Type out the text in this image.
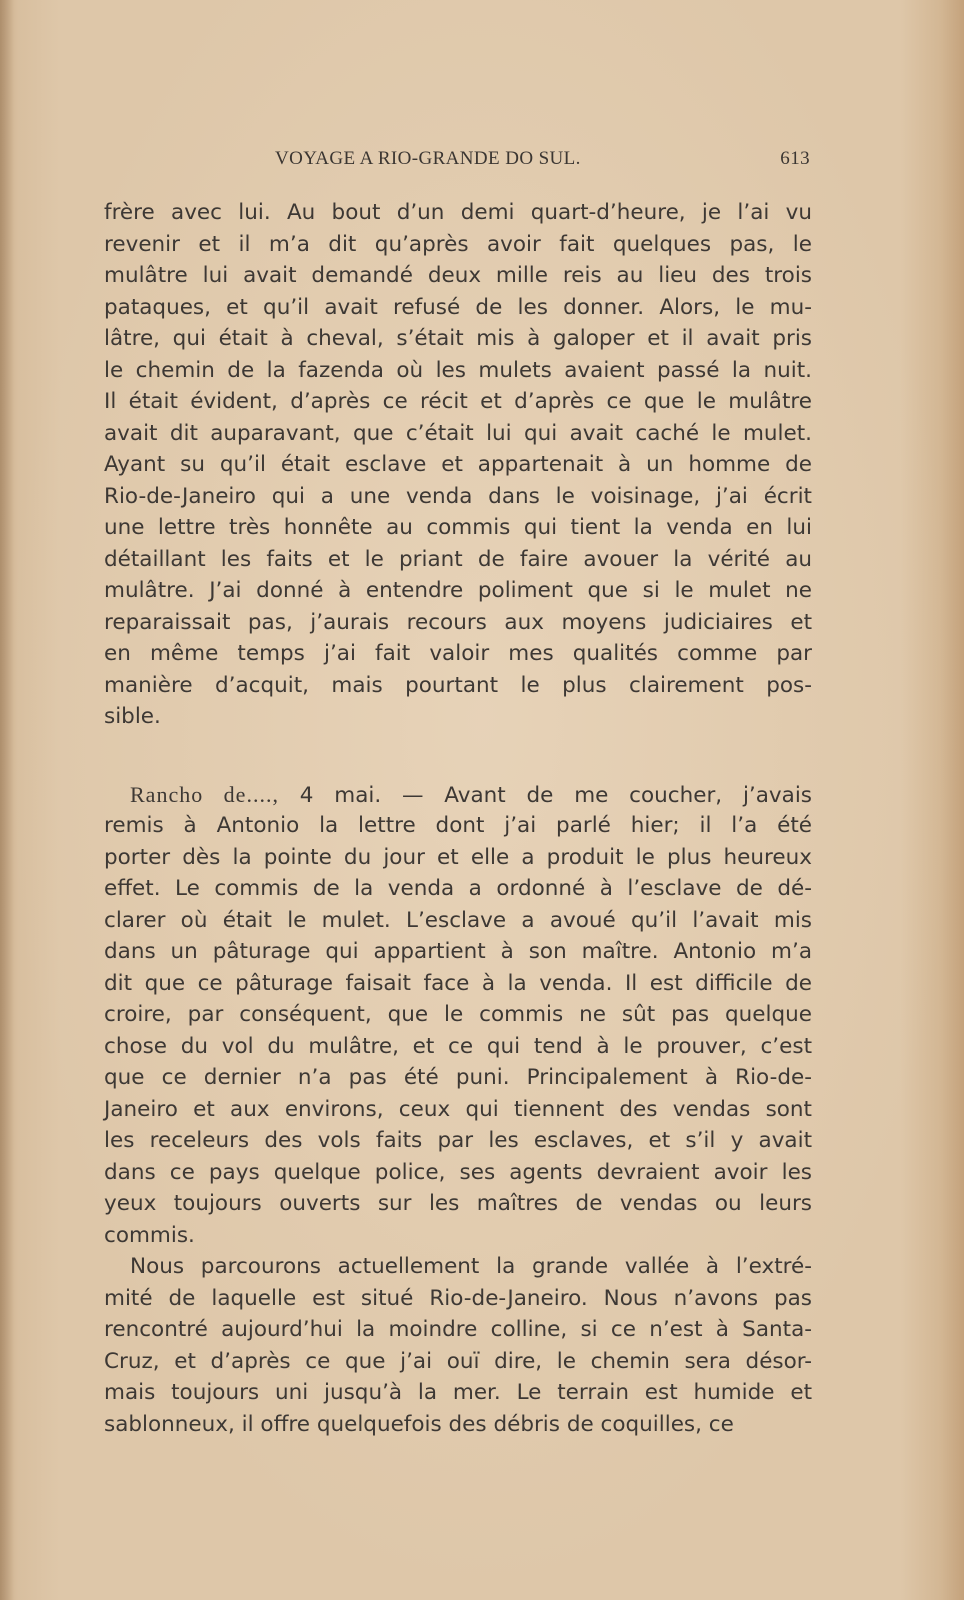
VOYAGE A RIO-GRANDE DO SUL.	613
frère avec lui. Au bout d’un demi quart-d’heure, je l’ai vu
revenir et il m’a dit qu’après avoir fait quelques pas, le
mulâtre lui avait demandé deux mille reis au lieu des trois
pataques, et qu’il avait refusé de les donner. Alors, le mu-
lâtre, qui était à cheval, s’était mis à galoper et il avait pris
le chemin de la fazenda où les mulets avaient passé la nuit.
Il était évident, d’après ce récit et d’après ce que le mulâtre
avait dit auparavant, que c’était lui qui avait caché le mulet.
Ayant su qu’il était esclave et appartenait à un homme de
Rio-de-Janeiro qui a une venda dans le voisinage, j’ai écrit
une lettre très honnête au commis qui tient la venda en lui
détaillant les faits et le priant de faire avouer la vérité au
mulâtre. J’ai donné à entendre poliment que si le mulet ne
reparaissait pas, j’aurais recours aux moyens judiciaires et
en même temps j’ai fait valoir mes qualités comme par
manière d’acquit, mais pourtant le plus clairement pos-
sible.
Rancho de...., 4 mai. — Avant de me coucher, j’avais
remis à Antonio la lettre dont j’ai parlé hier; il l’a été
porter dès la pointe du jour et elle a produit le plus heureux
effet. Le commis de la venda a ordonné à l’esclave de dé-
clarer où était le mulet. L’esclave a avoué qu’il l’avait mis
dans un pâturage qui appartient à son maître. Antonio m’a
dit que ce pâturage faisait face à la venda. Il est difficile de
croire, par conséquent, que le commis ne sût pas quelque
chose du vol du mulâtre, et ce qui tend à le prouver, c’est
que ce dernier n’a pas été puni. Principalement à Rio-de-
Janeiro et aux environs, ceux qui tiennent des vendas sont
les receleurs des vols faits par les esclaves, et s’il y avait
dans ce pays quelque police, ses agents devraient avoir les
yeux toujours ouverts sur les maîtres de vendas ou leurs
commis.
Nous parcourons actuellement la grande vallée à l’extré-
mité de laquelle est situé Rio-de-Janeiro. Nous n’avons pas
rencontré aujourd’hui la moindre colline, si ce n’est à Santa-
Cruz, et d’après ce que j’ai ouï dire, le chemin sera désor-
mais toujours uni jusqu’à la mer. Le terrain est humide et
sablonneux, il offre quelquefois des débris de coquilles, ce
